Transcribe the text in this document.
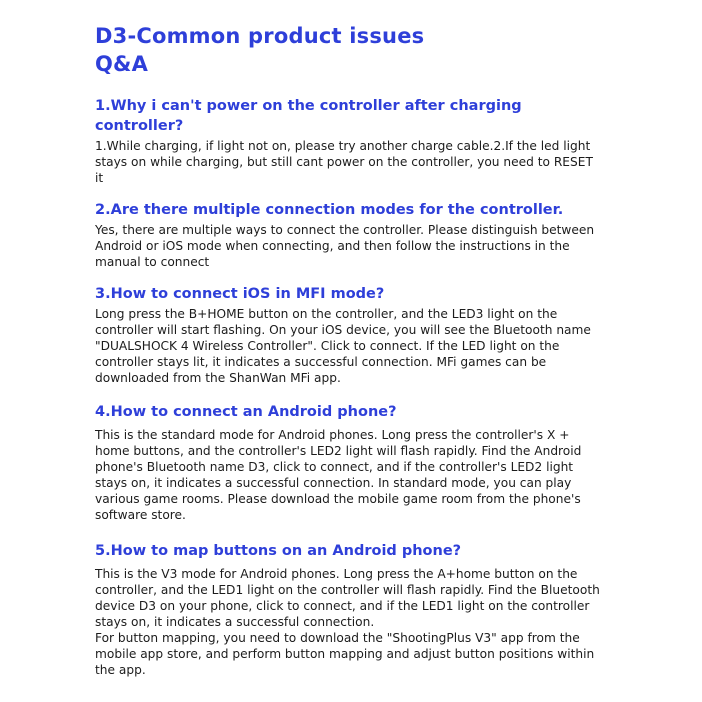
D3-Common product issues
Q&A
1.Why i can't power on the controller after charging controller?

1.While charging, if light not on, please try another charge cable.2.If the led light stays on while charging, but still cant power on the controller, you need to RESET it

2.Are there multiple connection modes for the controller.

Yes, there are multiple ways to connect the controller. Please distinguish between Android or iOS mode when connecting, and then follow the instructions in the manual to connect

3.How to connect iOS in MFI mode?

Long press the B+HOME button on the controller, and the LED3 light on the controller will start flashing. On your iOS device, you will see the Bluetooth name "DUALSHOCK 4 Wireless Controller". Click to connect. If the LED light on the controller stays lit, it indicates a successful connection. MFi games can be downloaded from the ShanWan MFi app.

4.How to connect an Android phone?

This is the standard mode for Android phones. Long press the controller's X + home buttons, and the controller's LED2 light will flash rapidly. Find the Android phone's Bluetooth name D3, click to connect, and if the controller's LED2 light stays on, it indicates a successful connection. In standard mode, you can play various game rooms. Please download the mobile game room from the phone's software store.

5.How to map buttons on an Android phone?

This is the V3 mode for Android phones. Long press the A+home button on the controller, and the LED1 light on the controller will flash rapidly. Find the Bluetooth device D3 on your phone, click to connect, and if the LED1 light on the controller stays on, it indicates a successful connection.

For button mapping, you need to download the "ShootingPlus V3" app from the mobile app store, and perform button mapping and adjust button positions within the app.
